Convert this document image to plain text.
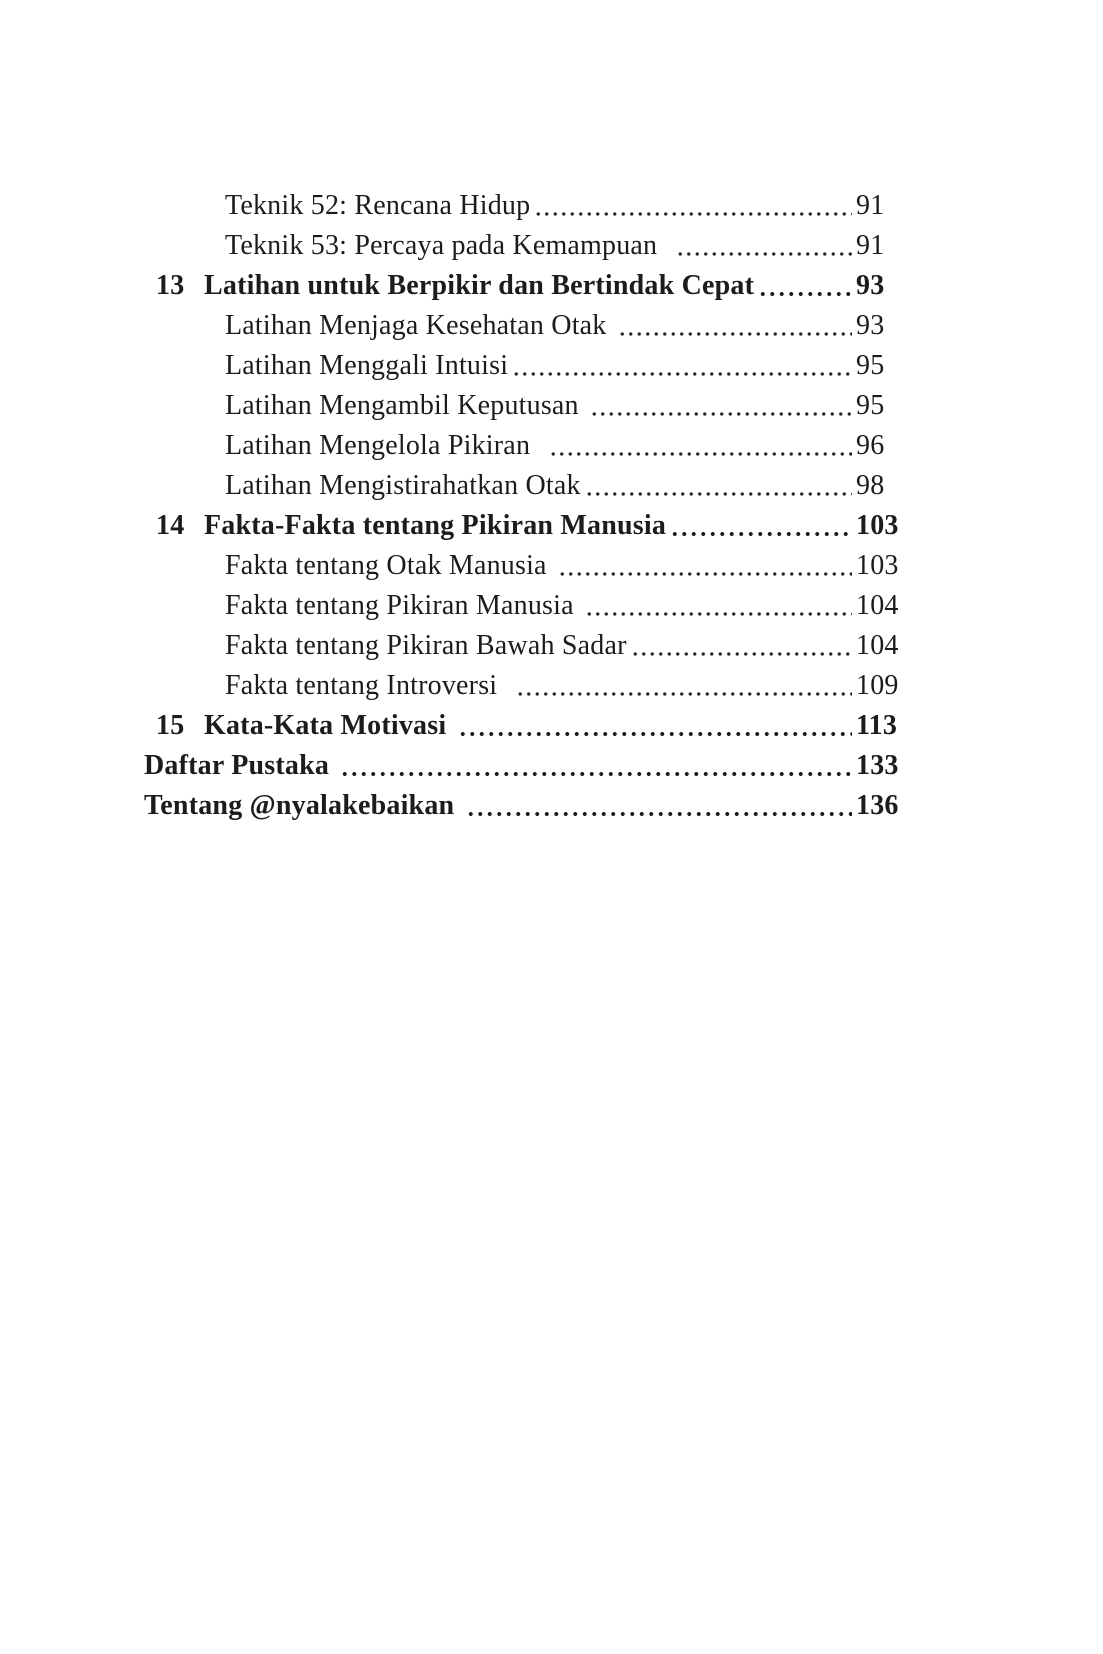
Teknik 52: Rencana Hidup	91
Teknik 53: Percaya pada Kemampuan	91
13 Latihan untuk Berpikir dan Bertindak Cepat	93
Latihan Menjaga Kesehatan Otak	93
Latihan Menggali Intuisi	95
Latihan Mengambil Keputusan	95
Latihan Mengelola Pikiran	96
Latihan Mengistirahatkan Otak	98
14 Fakta-Fakta tentang Pikiran Manusia	103
Fakta tentang Otak Manusia	103
Fakta tentang Pikiran Manusia	104
Fakta tentang Pikiran Bawah Sadar	104
Fakta tentang Introversi	109
15 Kata-Kata Motivasi	113
Daftar Pustaka	133
Tentang @nyalakebaikan	136
